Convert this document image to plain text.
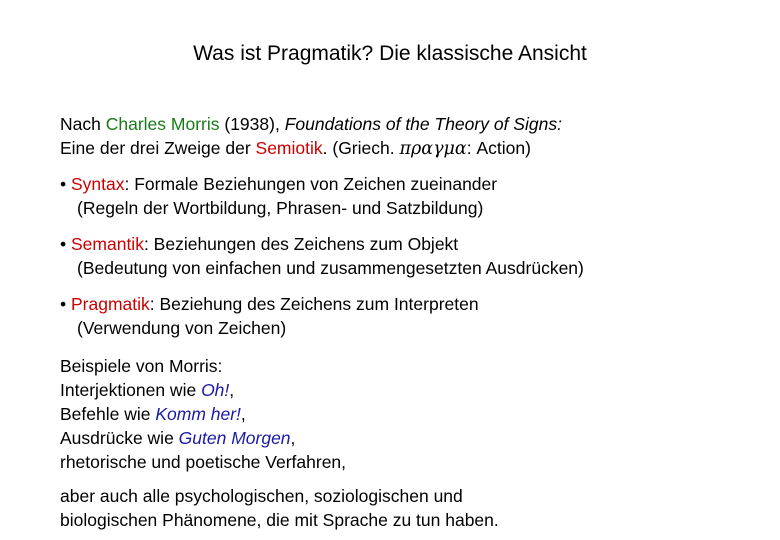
Was ist Pragmatik? Die klassische Ansicht
Nach Charles Morris (1938), Foundations of the Theory of Signs:
Eine der drei Zweige der Semiotik. (Griech. πραγμα: Action)
• Syntax: Formale Beziehungen von Zeichen zueinander
(Regeln der Wortbildung, Phrasen- und Satzbildung)
• Semantik: Beziehungen des Zeichens zum Objekt
(Bedeutung von einfachen und zusammengesetzten Ausdrücken)
• Pragmatik: Beziehung des Zeichens zum Interpreten
(Verwendung von Zeichen)
Beispiele von Morris:
Interjektionen wie Oh!,
Befehle wie Komm her!,
Ausdrücke wie Guten Morgen,
rhetorische und poetische Verfahren,
aber auch alle psychologischen, soziologischen und
biologischen Phänomene, die mit Sprache zu tun haben.
